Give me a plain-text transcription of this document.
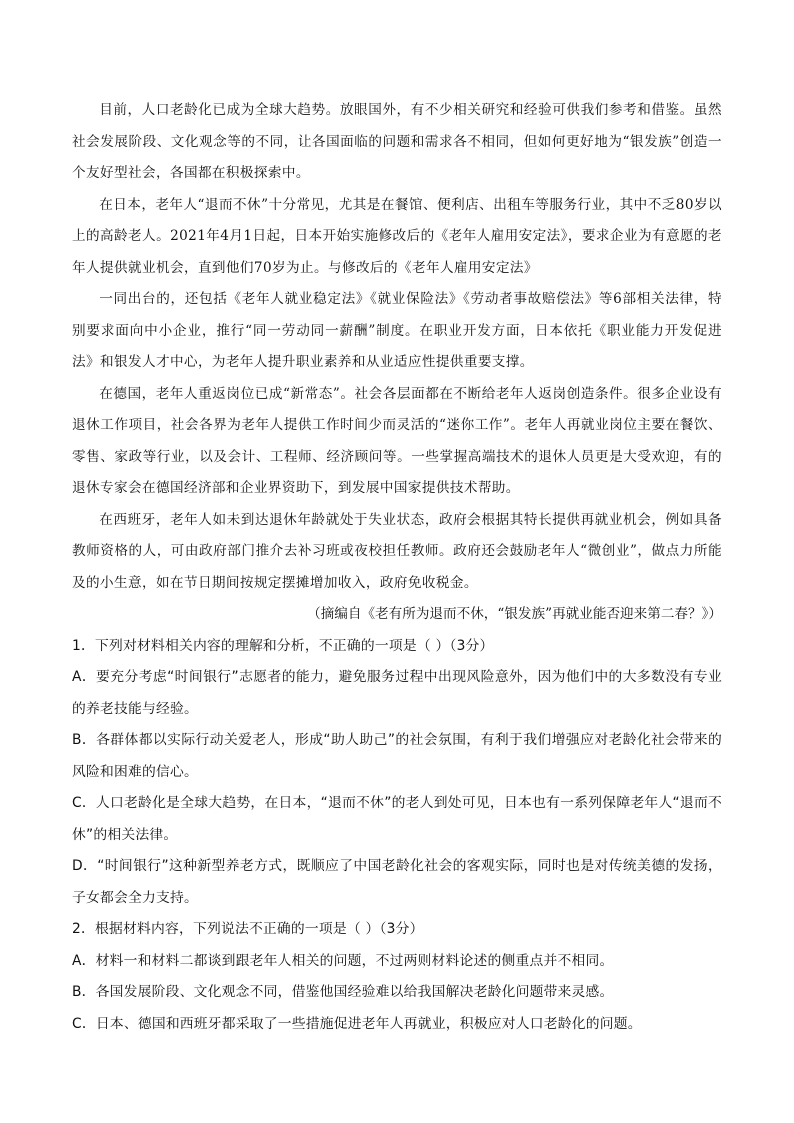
目前，人口老龄化已成为全球大趋势。放眼国外，有不少相关研究和经验可供我们参考和借鉴。虽然社会发展阶段、文化观念等的不同，让各国面临的问题和需求各不相同，但如何更好地为“银发族”创造一个友好型社会，各国都在积极探索中。

在日本，老年人“退而不休”十分常见，尤其是在餐馆、便利店、出租车等服务行业，其中不乏80岁以上的高龄老人。2021年4月1日起，日本开始实施修改后的《老年人雇用安定法》，要求企业为有意愿的老年人提供就业机会，直到他们70岁为止。与修改后的《老年人雇用安定法》

一同出台的，还包括《老年人就业稳定法》《就业保险法》《劳动者事故赔偿法》等6部相关法律，特别要求面向中小企业，推行“同一劳动同一薪酬”制度。在职业开发方面，日本依托《职业能力开发促进法》和银发人才中心，为老年人提升职业素养和从业适应性提供重要支撑。

在德国，老年人重返岗位已成“新常态”。社会各层面都在不断给老年人返岗创造条件。很多企业设有退休工作项目，社会各界为老年人提供工作时间少而灵活的“迷你工作”。老年人再就业岗位主要在餐饮、零售、家政等行业，以及会计、工程师、经济顾问等。一些掌握高端技术的退休人员更是大受欢迎，有的退休专家会在德国经济部和企业界资助下，到发展中国家提供技术帮助。

在西班牙，老年人如未到达退休年龄就处于失业状态，政府会根据其特长提供再就业机会，例如具备教师资格的人，可由政府部门推介去补习班或夜校担任教师。政府还会鼓励老年人“微创业”，做点力所能及的小生意，如在节日期间按规定摆摊增加收入，政府免收税金。

（摘编自《老有所为退而不休，“银发族”再就业能否迎来第二春？》）

1．下列对材料相关内容的理解和分析，不正确的一项是（ ）（3分）

A．要充分考虑“时间银行”志愿者的能力，避免服务过程中出现风险意外，因为他们中的大多数没有专业的养老技能与经验。

B．各群体都以实际行动关爱老人，形成“助人助己”的社会氛围，有利于我们增强应对老龄化社会带来的风险和困难的信心。

C．人口老龄化是全球大趋势，在日本，“退而不休”的老人到处可见，日本也有一系列保障老年人“退而不休”的相关法律。

D．“时间银行”这种新型养老方式，既顺应了中国老龄化社会的客观实际，同时也是对传统美德的发扬，子女都会全力支持。

2．根据材料内容，下列说法不正确的一项是（ ）（3分）

A．材料一和材料二都谈到跟老年人相关的问题，不过两则材料论述的侧重点并不相同。

B．各国发展阶段、文化观念不同，借鉴他国经验难以给我国解决老龄化问题带来灵感。

C．日本、德国和西班牙都采取了一些措施促进老年人再就业，积极应对人口老龄化的问题。
